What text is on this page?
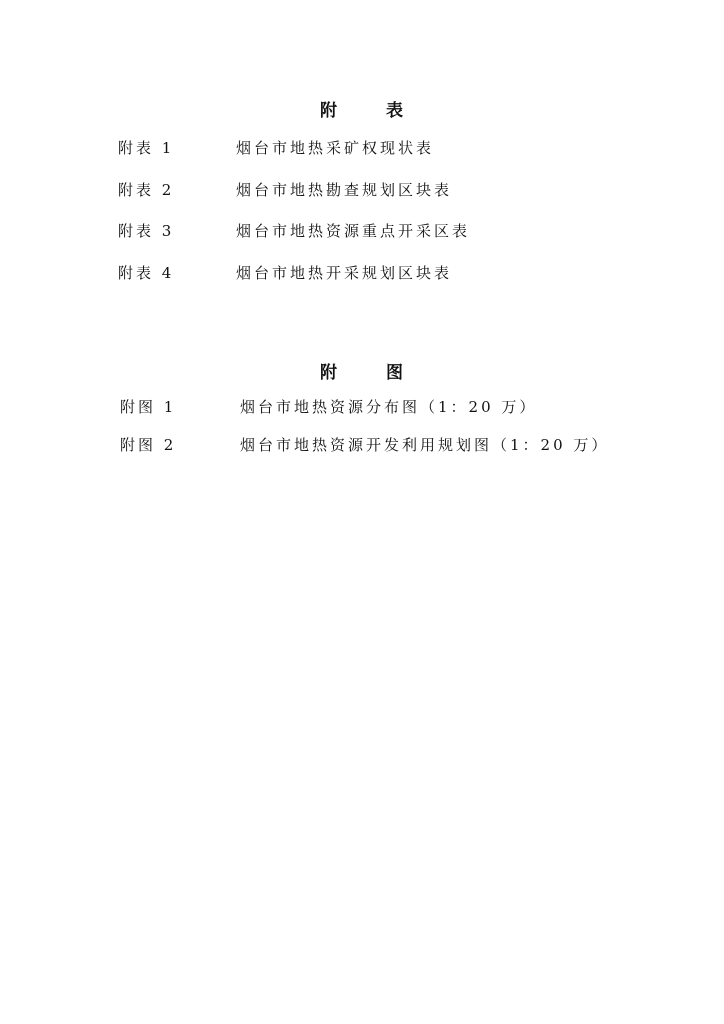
附	表
附表 1	烟台市地热采矿权现状表
附表 2	烟台市地热勘查规划区块表
附表 3	烟台市地热资源重点开采区表
附表 4	烟台市地热开采规划区块表
附	图
附图 1	烟台市地热资源分布图（1：20 万）
附图 2	烟台市地热资源开发利用规划图（1：20 万）
